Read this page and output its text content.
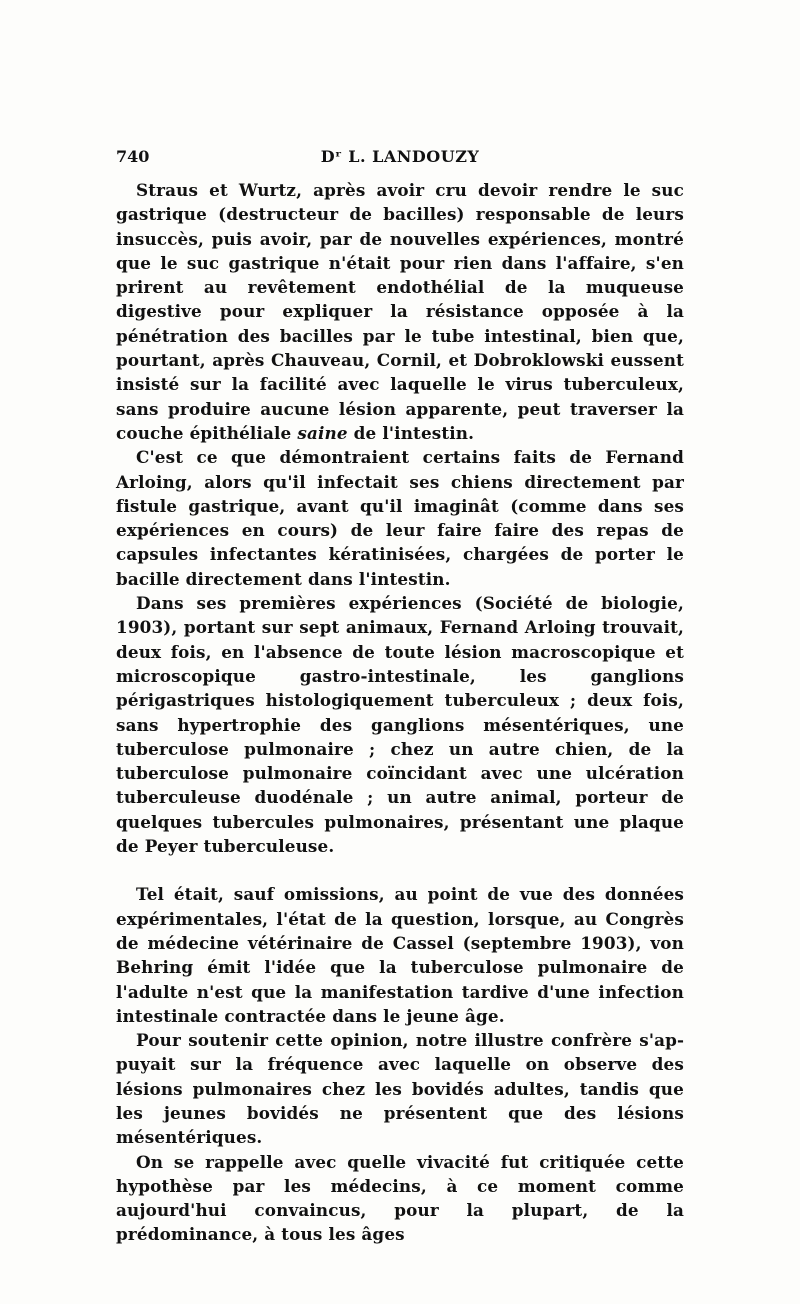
740	Dʳ L. LANDOUZY

Straus et Wurtz, après avoir cru devoir rendre le suc gastrique (destructeur de bacilles) responsable de leurs insuccès, puis avoir, par de nouvelles expériences, montré que le suc gastrique n'était pour rien dans l'affaire, s'en prirent au revêtement endothélial de la muqueuse digestive pour expliquer la résistance opposée à la pénétration des bacilles par le tube intestinal, bien que, pourtant, après Chauveau, Cornil, et Dobroklowski eussent insisté sur la facilité avec laquelle le virus tuberculeux, sans produire aucune lésion apparente, peut traverser la couche épithéliale saine de l'intestin.

C'est ce que démontraient certains faits de Fernand Arloing, alors qu'il infectait ses chiens directement par fistule gastrique, avant qu'il imaginât (comme dans ses expériences en cours) de leur faire faire des repas de capsules infectantes kératinisées, chargées de porter le bacille directement dans l'intestin.

Dans ses premières expériences (Société de biologie, 1903), portant sur sept animaux, Fernand Arloing trouvait, deux fois, en l'absence de toute lésion macroscopique et microscopique gastro-intestinale, les ganglions périgastriques histologiquement tuberculeux ; deux fois, sans hypertrophie des ganglions mésentériques, une tuberculose pulmonaire ; chez un autre chien, de la tuberculose pulmonaire coïncidant avec une ulcération tuberculeuse duodénale ; un autre animal, porteur de quelques tubercules pulmonaires, présentant une plaque de Peyer tuberculeuse.

Tel était, sauf omissions, au point de vue des données expérimentales, l'état de la question, lorsque, au Congrès de médecine vétérinaire de Cassel (septembre 1903), von Behring émit l'idée que la tuberculose pulmonaire de l'adulte n'est que la manifestation tardive d'une infection intestinale contractée dans le jeune âge.

Pour soutenir cette opinion, notre illustre confrère s'appuyait sur la fréquence avec laquelle on observe des lésions pulmonaires chez les bovidés adultes, tandis que les jeunes bovidés ne présentent que des lésions mésentériques.

On se rappelle avec quelle vivacité fut critiquée cette hypothèse par les médecins, à ce moment comme aujourd'hui convaincus, pour la plupart, de la prédominance, à tous les âges
